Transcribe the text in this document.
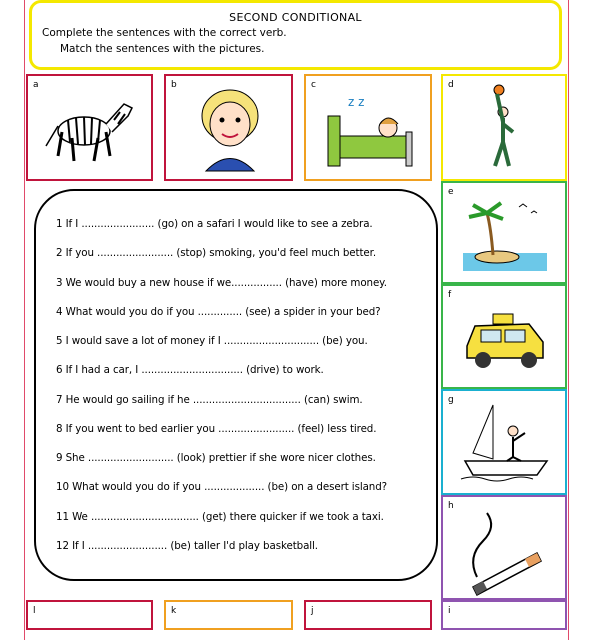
SECOND CONDITIONAL
Complete the sentences with the correct verb.
Match the sentences with the pictures.
a	b	c
z z
d
e
f
g
h
l	k	j	i
1 If I ....................... (go) on a safari I would like to see a zebra.
2 If you ........................ (stop) smoking, you'd feel much better.
3 We would buy a new house if we................ (have) more money.
4 What would you do if you .............. (see) a spider in your bed?
5 I would save a lot of money if I .............................. (be) you.
6 If I had a car, I ................................ (drive) to work.
7 He would go sailing if he .................................. (can) swim.
8 If you went to bed earlier you ........................ (feel) less tired.
9 She ........................... (look) prettier if she wore nicer clothes.
10 What would you do if you ................... (be) on a desert island?
11 We .................................. (get) there quicker if we took a taxi.
12 If I ......................... (be) taller I'd play basketball.
